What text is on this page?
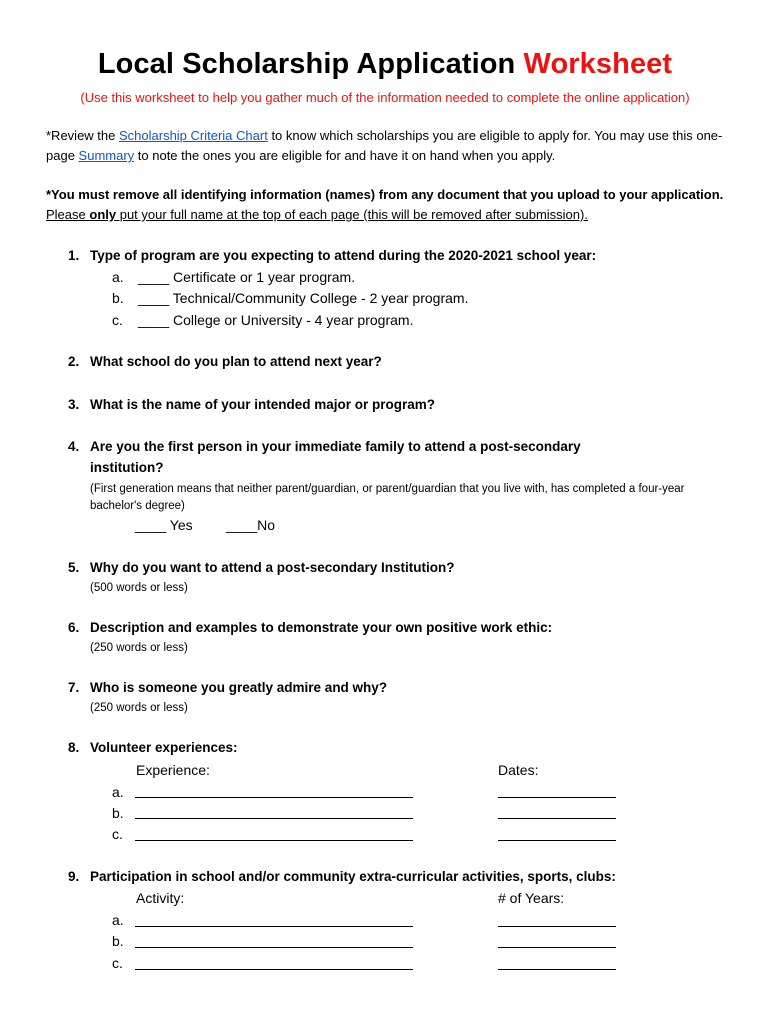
Local Scholarship Application Worksheet
(Use this worksheet to help you gather much of the information needed to complete the online application)
*Review the Scholarship Criteria Chart to know which scholarships you are eligible to apply for. You may use this one-page Summary to note the ones you are eligible for and have it on hand when you apply.
*You must remove all identifying information (names) from any document that you upload to your application. Please only put your full name at the top of each page (this will be removed after submission).
1. Type of program are you expecting to attend during the 2020-2021 school year:
a. ____ Certificate or 1 year program.
b. ____ Technical/Community College - 2 year program.
c. ____ College or University - 4 year program.
2. What school do you plan to attend next year?
3. What is the name of your intended major or program?
4. Are you the first person in your immediate family to attend a post-secondary
institution?
(First generation means that neither parent/guardian, or parent/guardian that you live with, has completed a four-year bachelor's degree)
____ Yes ____No
5. Why do you want to attend a post-secondary Institution?
(500 words or less)
6. Description and examples to demonstrate your own positive work ethic:
(250 words or less)
7. Who is someone you greatly admire and why?
(250 words or less)
8. Volunteer experiences:
Experience:	Dates:
a.
b.
c.
9. Participation in school and/or community extra-curricular activities, sports, clubs:
Activity:	# of Years:
a.
b.
c.
